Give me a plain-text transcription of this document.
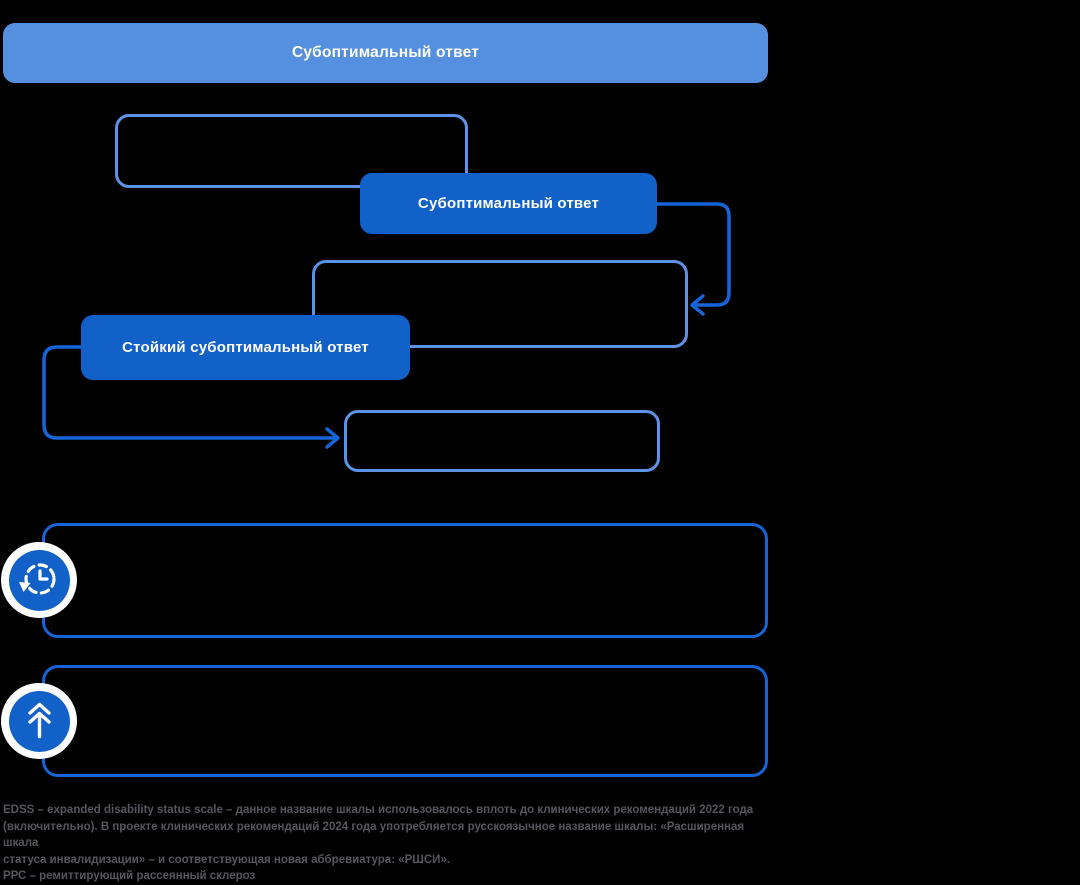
Субоптимальный ответ
Субоптимальный ответ
Стойкий субоптимальный ответ
EDSS – expanded disability status scale – данное название шкалы использовалось вплоть до клинических рекомендаций 2022 года
(включительно). В проекте клинических рекомендаций 2024 года употребляется русскоязычное название шкалы: «Расширенная шкала
статуса инвалидизации» – и соответствующая новая аббревиатура: «РШСИ».
РРС – ремиттирующий рассеянный склероз
